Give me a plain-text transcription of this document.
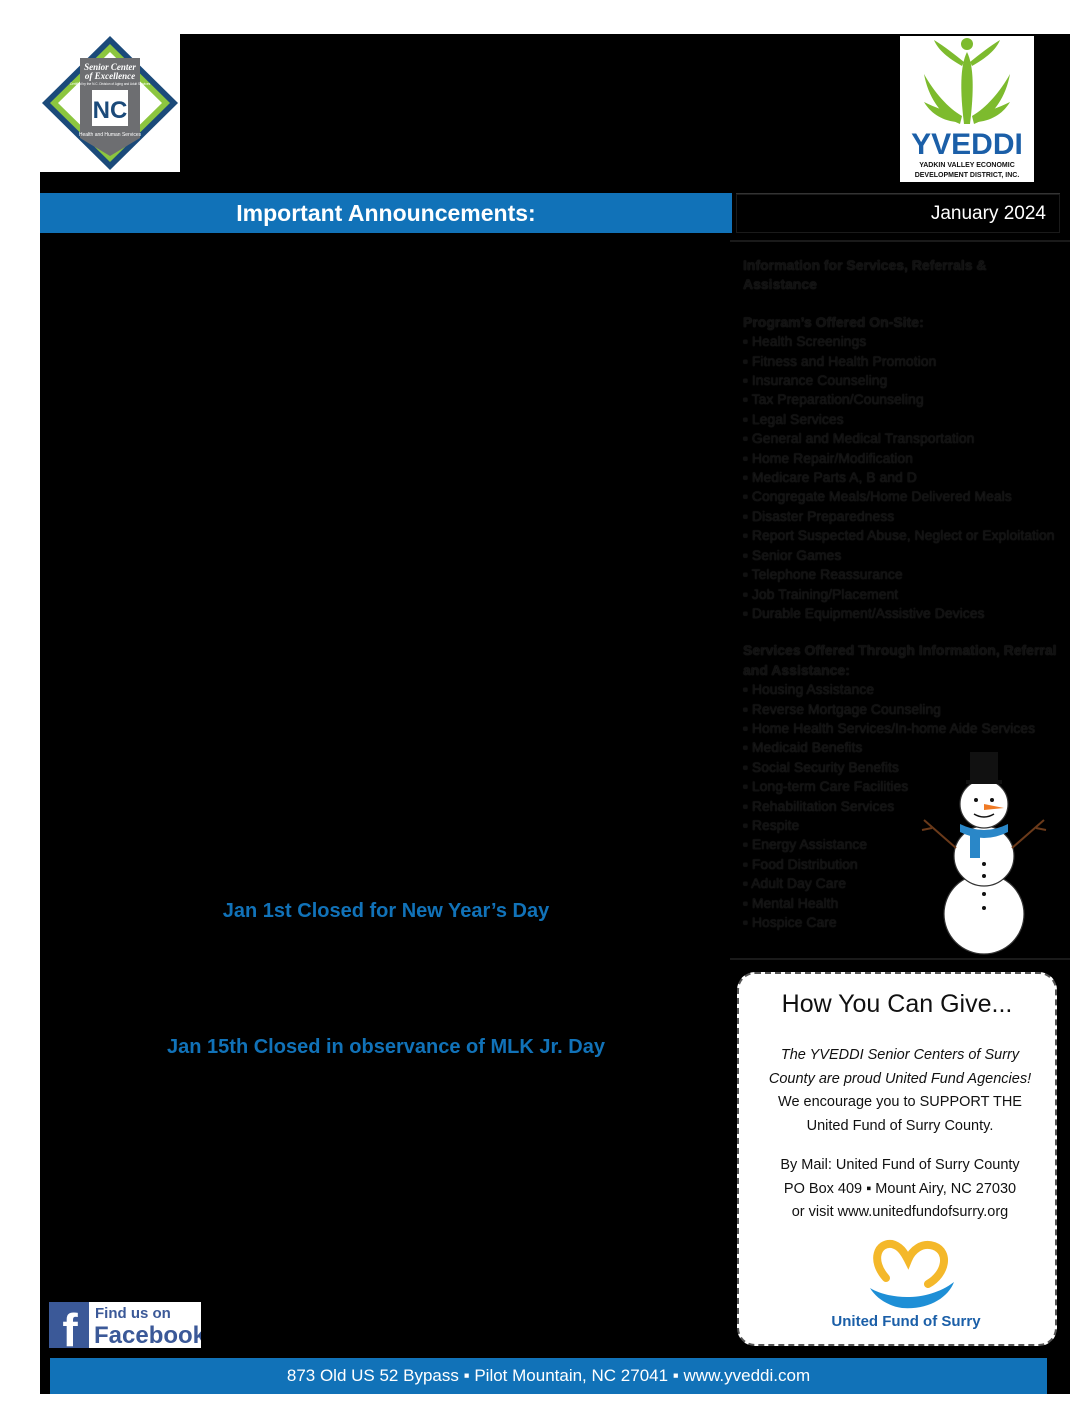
Senior Center
of Excellence
Certified by the N.C. Division of Aging and Adult Services
NC
Health and Human Services	YVEDDI
YADKIN VALLEY ECONOMIC
DEVELOPMENT DISTRICT, INC.
Important Announcements:	January 2024
Information for Services, Referrals & Assistance
Program’s Offered On-Site:
▪ Health Screenings
▪ Fitness and Health Promotion
▪ Insurance Counseling
▪ Tax Preparation/Counseling
▪ Legal Services
▪ General and Medical Transportation
▪ Home Repair/Modification
▪ Medicare Parts A, B and D
▪ Congregate Meals/Home Delivered Meals
▪ Disaster Preparedness
▪ Report Suspected Abuse, Neglect or Exploitation
▪ Senior Games
▪ Telephone Reassurance
▪ Job Training/Placement
▪ Durable Equipment/Assistive Devices
Services Offered Through Information, Referral and Assistance:
▪ Housing Assistance
▪ Reverse Mortgage Counseling
▪ Home Health Services/In-home Aide Services
▪ Medicaid Benefits
▪ Social Security Benefits
▪ Long-term Care Facilities
▪ Rehabilitation Services
▪ Respite
▪ Energy Assistance
▪ Food Distribution
▪ Adult Day Care
▪ Mental Health
▪ Hospice Care
Jan 1st Closed for New Year’s Day
Jan 15th Closed in observance of MLK Jr. Day
How You Can Give...
The YVEDDI Senior Centers of Surry
County are proud United Fund Agencies!
We encourage you to SUPPORT THE
United Fund of Surry County.
By Mail: United Fund of Surry County
PO Box 409 ▪ Mount Airy, NC 27030
or visit www.unitedfundofsurry.org
United Fund of Surry
f Find us on
Facebook
873 Old US 52 Bypass ▪ Pilot Mountain, NC 27041 ▪ www.yveddi.com
